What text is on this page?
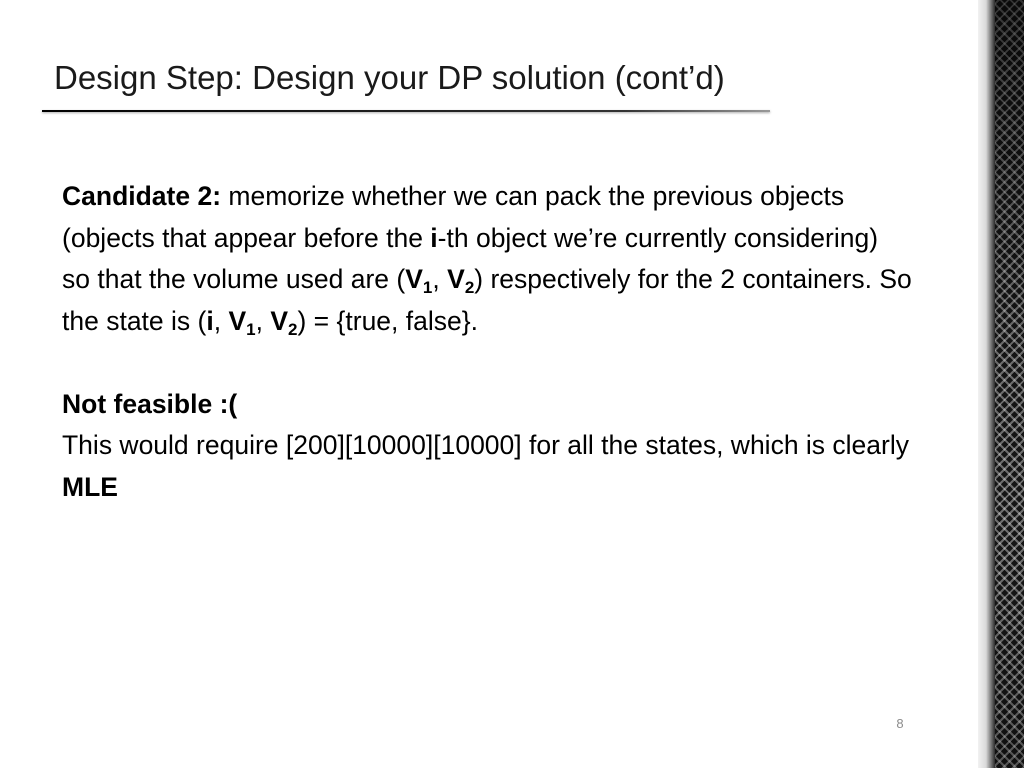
Design Step: Design your DP solution (cont’d)

Candidate 2: memorize whether we can pack the previous objects (objects that appear before the i-th object we’re currently considering) so that the volume used are ($V_1$, $V_2$) respectively for the 2 containers. So the state is (i, $V_1$, $V_2$) = {true, false}.

Not feasible :(

This would require [200][10000][10000] for all the states, which is clearly MLE

8
